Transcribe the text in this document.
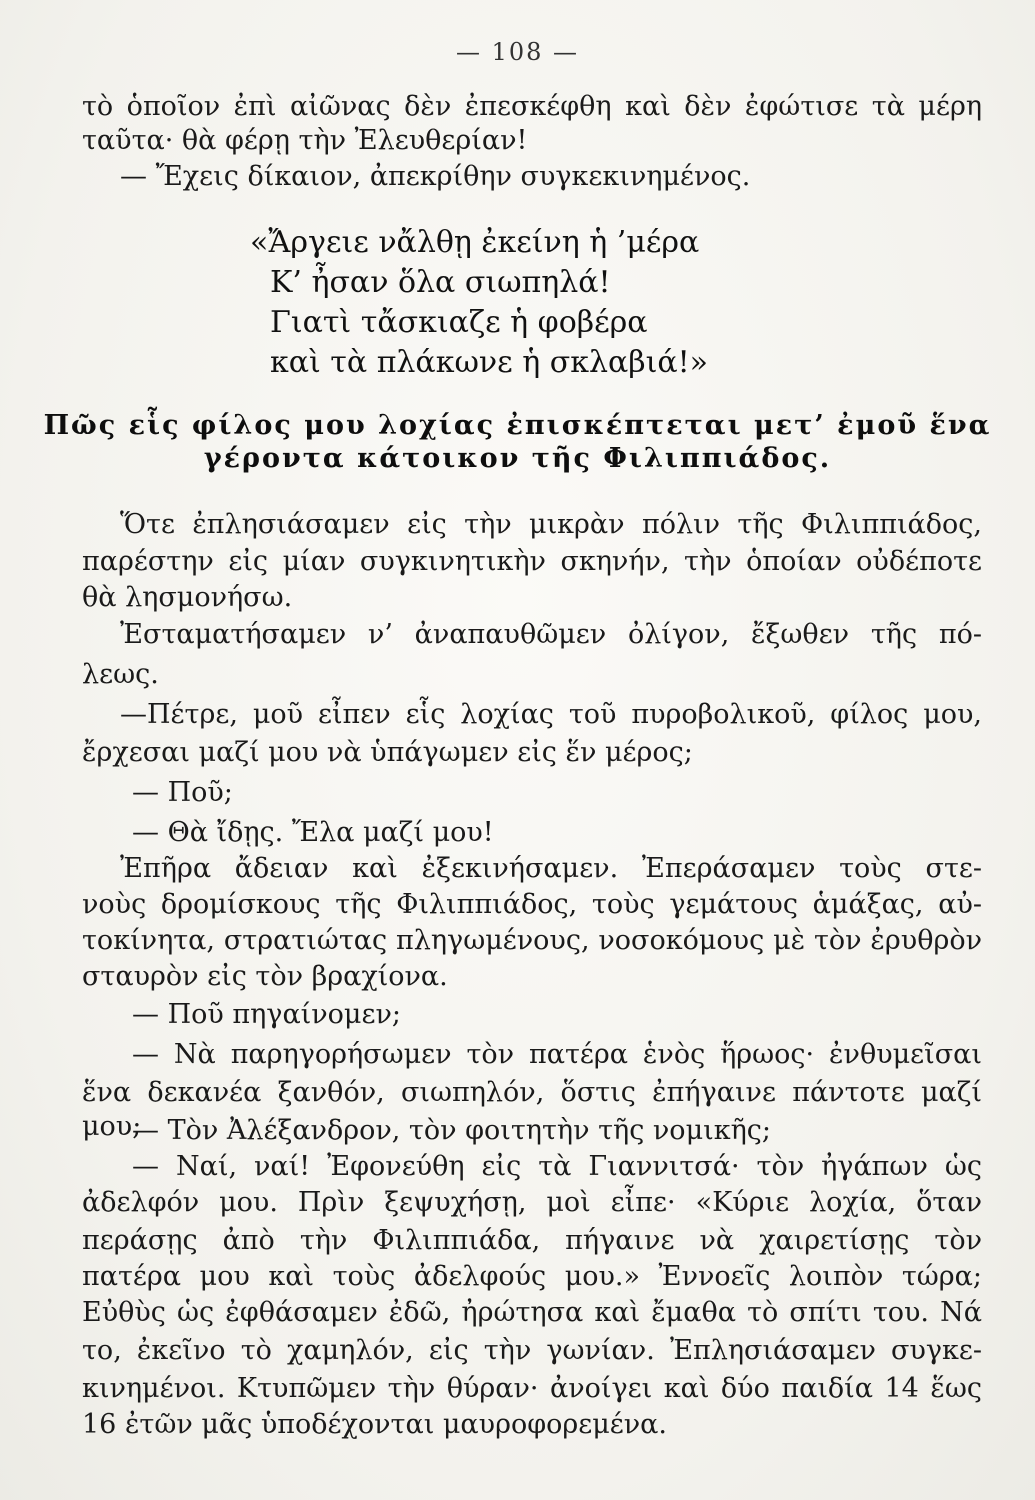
— 108 —
τὸ ὁποῖον ἐπὶ αἰῶνας δὲν ἐπεσκέφθη καὶ δὲν ἐφώτισε τὰ μέρη
ταῦτα· θὰ φέρῃ τὴν Ἐλευθερίαν!
— Ἔχεις δίκαιον, ἀπεκρίθην συγκεκινημένος.
«Ἄργειε νἄλθῃ ἐκείνη ἡ ’μέρα
Κ’ ἦσαν ὅλα σιωπηλά!
Γιατὶ τἄσκιαζε ἡ φοβέρα
καὶ τὰ πλάκωνε ἡ σκλαβιά!»
Πῶς εἷς φίλος μου λοχίας ἐπισκέπτεται μετ’ ἐμοῦ ἕνα
γέροντα κάτοικον τῆς Φιλιππιάδος.
Ὅτε ἐπλησιάσαμεν εἰς τὴν μικρὰν πόλιν τῆς Φιλιππιάδος,
παρέστην εἰς μίαν συγκινητικὴν σκηνήν, τὴν ὁποίαν οὐδέποτε
θὰ λησμονήσω.
Ἐσταματήσαμεν ν’ ἀναπαυθῶμεν ὀλίγον, ἔξωθεν τῆς πό-
λεως.
—Πέτρε, μοῦ εἶπεν εἷς λοχίας τοῦ πυροβολικοῦ, φίλος μου,
ἔρχεσαι μαζί μου νὰ ὑπάγωμεν εἰς ἕν μέρος;
— Ποῦ;
— Θὰ ἴδῃς. Ἔλα μαζί μου!
Ἐπῆρα ἄδειαν καὶ ἐξεκινήσαμεν. Ἐπεράσαμεν τοὺς στε-
νοὺς δρομίσκους τῆς Φιλιππιάδος, τοὺς γεμάτους ἁμάξας, αὐ-
τοκίνητα, στρατιώτας πληγωμένους, νοσοκόμους μὲ τὸν ἐρυθρὸν
σταυρὸν εἰς τὸν βραχίονα.
— Ποῦ πηγαίνομεν;
— Νὰ παρηγορήσωμεν τὸν πατέρα ἑνὸς ἥρωος· ἐνθυμεῖσαι
ἕνα δεκανέα ξανθόν, σιωπηλόν, ὅστις ἐπήγαινε πάντοτε μαζί μου;
— Τὸν Ἀλέξανδρον, τὸν φοιτητὴν τῆς νομικῆς;
— Ναί, ναί! Ἐφονεύθη εἰς τὰ Γιαννιτσά· τὸν ἠγάπων ὡς
ἀδελφόν μου. Πρὶν ξεψυχήσῃ, μοὶ εἶπε· «Κύριε λοχία, ὅταν
περάσῃς ἀπὸ τὴν Φιλιππιάδα, πήγαινε νὰ χαιρετίσῃς τὸν
πατέρα μου καὶ τοὺς ἀδελφούς μου.» Ἐννοεῖς λοιπὸν τώρα;
Εὐθὺς ὡς ἐφθάσαμεν ἐδῶ, ἠρώτησα καὶ ἔμαθα τὸ σπίτι του. Νά
το, ἐκεῖνο τὸ χαμηλόν, εἰς τὴν γωνίαν. Ἐπλησιάσαμεν συγκε-
κινημένοι. Κτυπῶμεν τὴν θύραν· ἀνοίγει καὶ δύο παιδία 14 ἕως
16 ἐτῶν μᾶς ὑποδέχονται μαυροφορεμένα.
